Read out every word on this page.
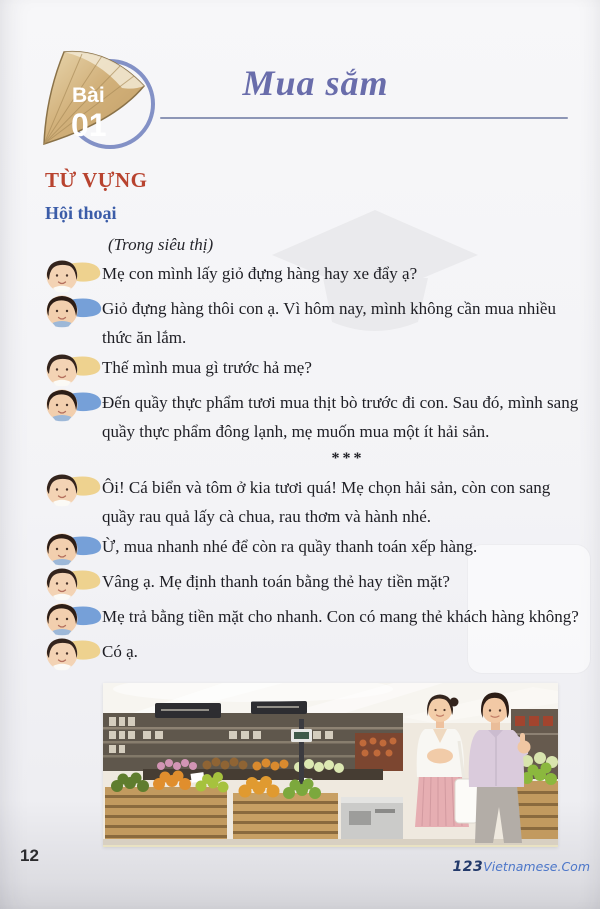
Bài
01
Mua sắm
TỪ VỰNG
Hội thoại

(Trong siêu thị)

Mẹ con mình lấy giỏ đựng hàng hay xe đẩy ạ?

Giỏ đựng hàng thôi con ạ. Vì hôm nay, mình không cần mua nhiều thức ăn lắm.

Thế mình mua gì trước hả mẹ?

Đến quầy thực phẩm tươi mua thịt bò trước đi con. Sau đó, mình sang quầy thực phẩm đông lạnh, mẹ muốn mua một ít hải sản.

***

Ôi! Cá biển và tôm ở kia tươi quá! Mẹ chọn hải sản, còn con sang quầy rau quả lấy cà chua, rau thơm và hành nhé.

Ừ, mua nhanh nhé để còn ra quầy thanh toán xếp hàng.

Vâng ạ. Mẹ định thanh toán bằng thẻ hay tiền mặt?

Mẹ trả bằng tiền mặt cho nhanh. Con có mang thẻ khách hàng không?

Có ạ.

12
123Vietnamese.Com
